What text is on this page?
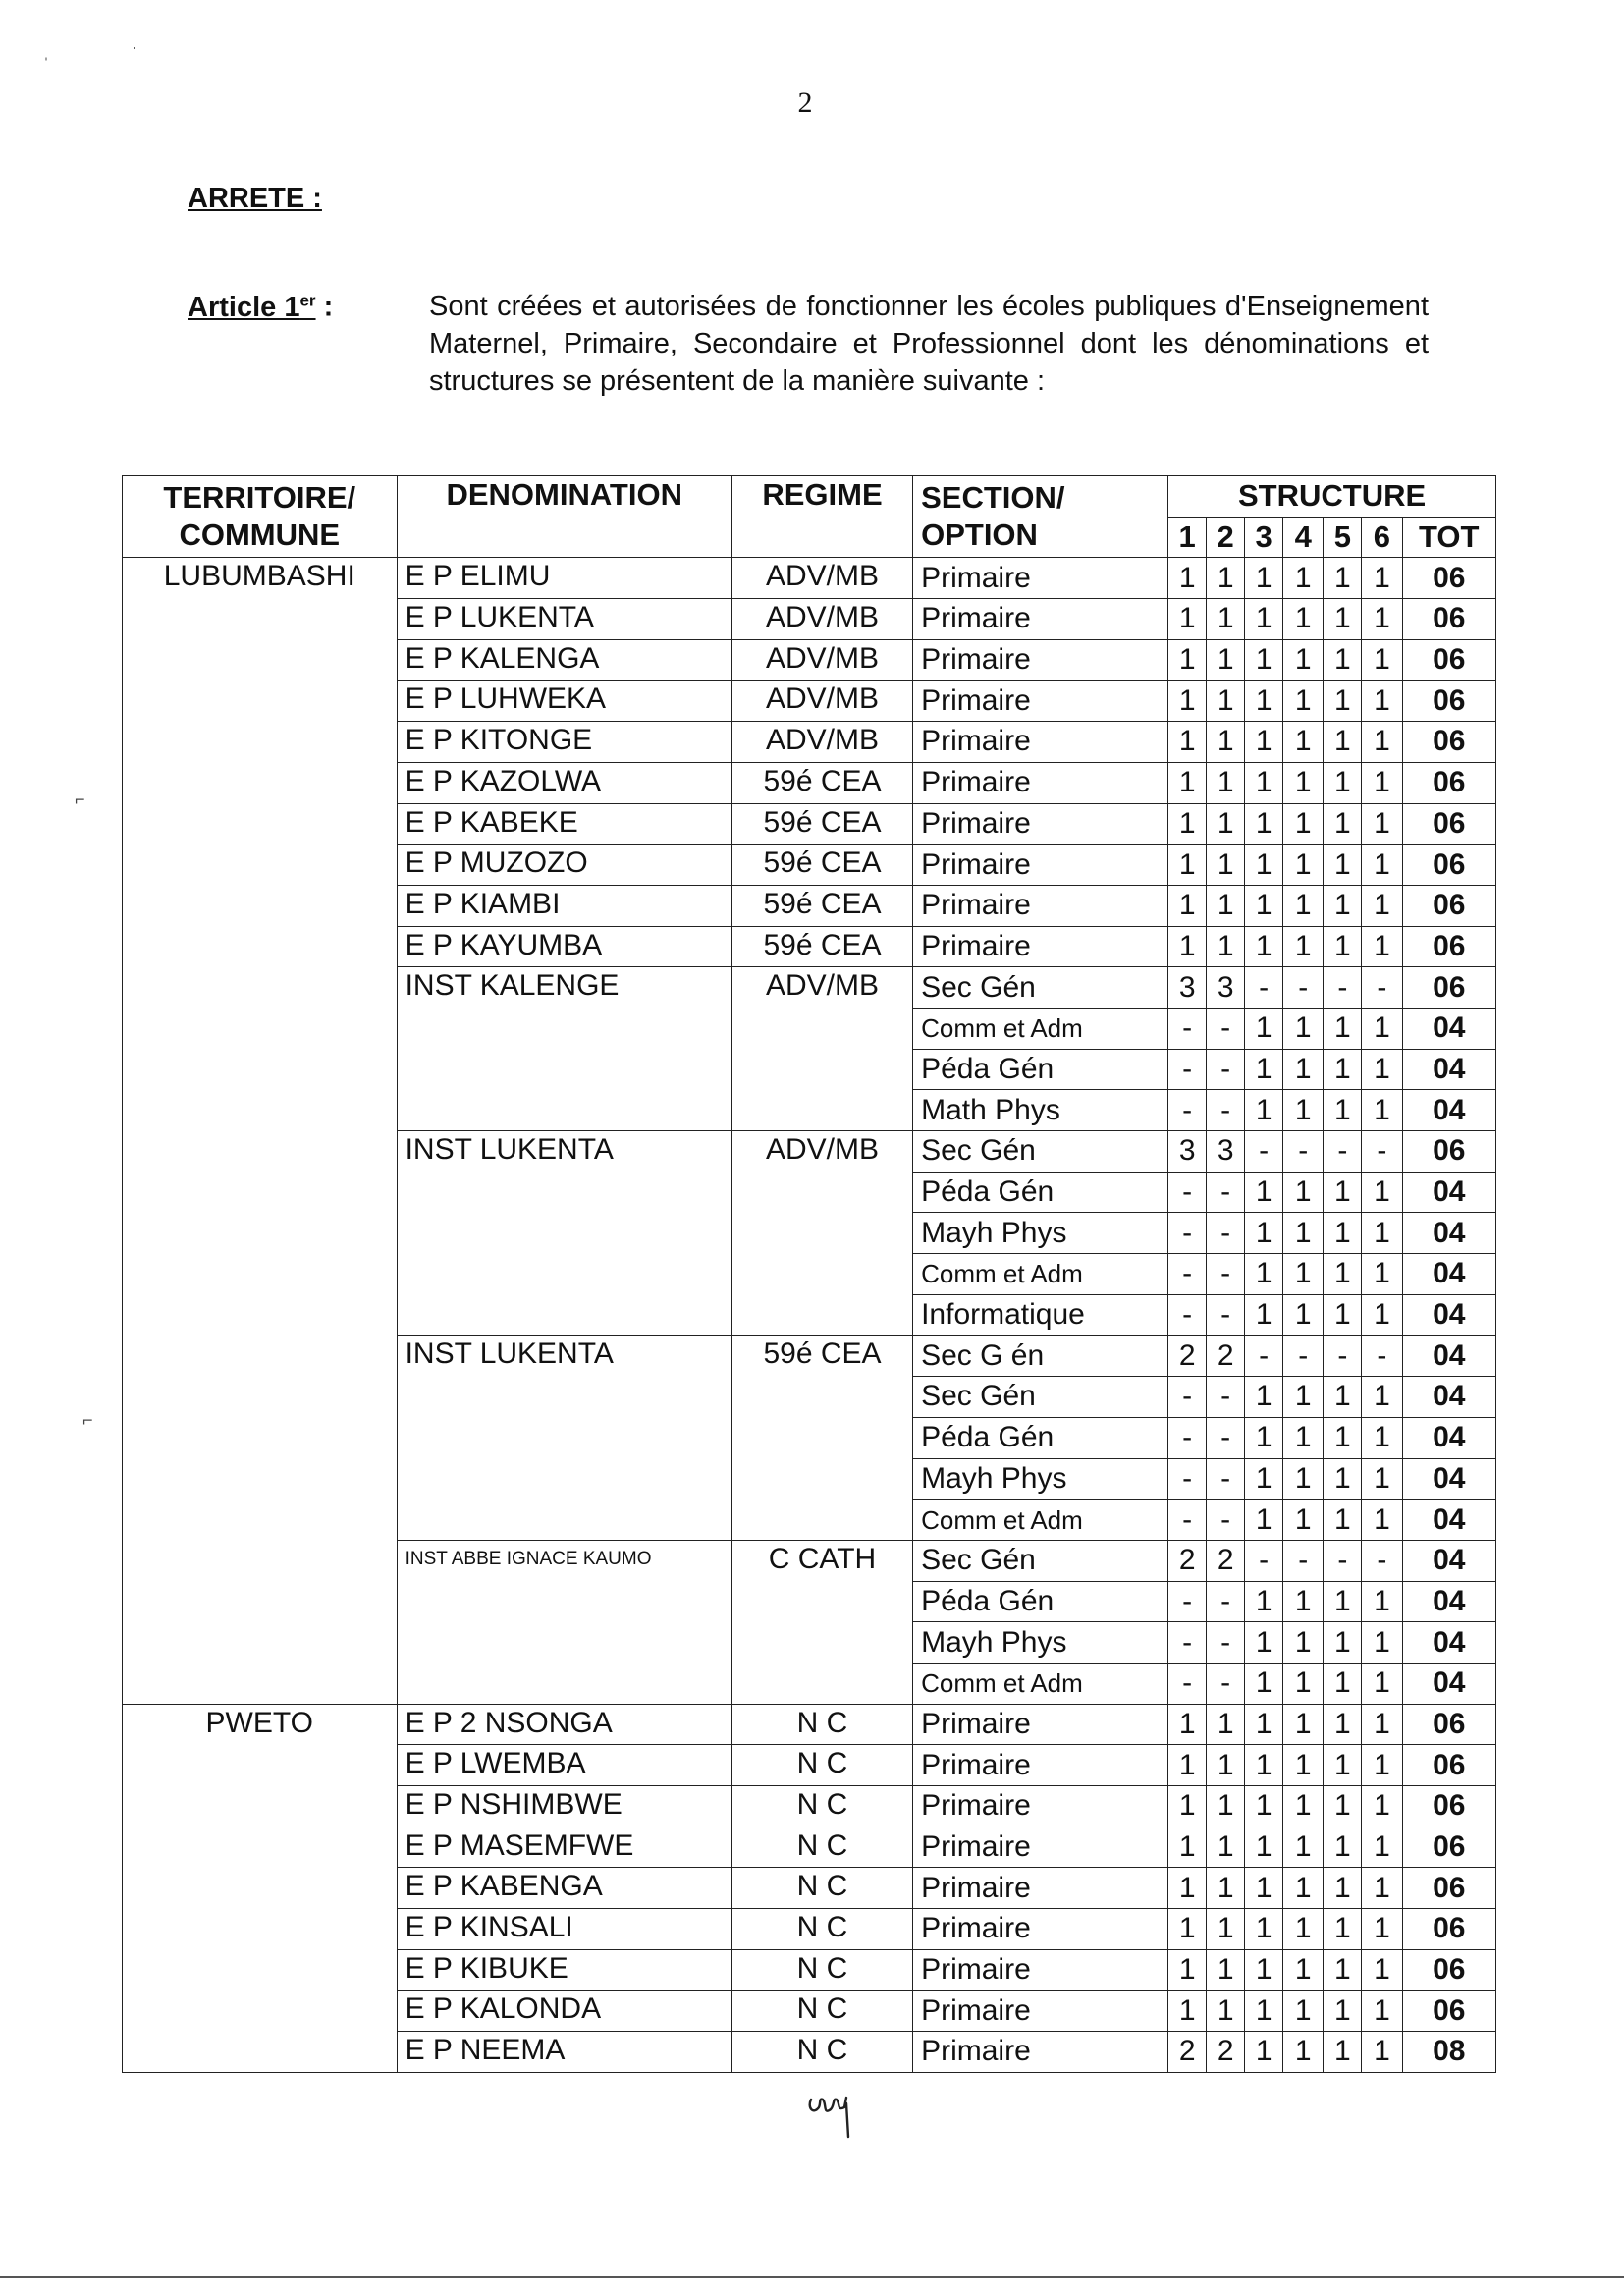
2
ARRETE :
Article 1er :	Sont créées et autorisées de fonctionner les écoles publiques d'Enseignement Maternel, Primaire, Secondaire et Professionnel dont les dénominations et structures se présentent de la manière suivante :
TERRITOIRE/ COMMUNE	DENOMINATION	REGIME	SECTION/ OPTION	STRUCTURE						
				1	2	3	4	5	6	TOT
LUBUMBASHI	E P ELIMU	ADV/MB	Primaire	1	1	1	1	1	1	06
	E P LUKENTA	ADV/MB	Primaire	1	1	1	1	1	1	06
	E P KALENGA	ADV/MB	Primaire	1	1	1	1	1	1	06
	E P LUHWEKA	ADV/MB	Primaire	1	1	1	1	1	1	06
	E P KITONGE	ADV/MB	Primaire	1	1	1	1	1	1	06
	E P KAZOLWA	59é CEA	Primaire	1	1	1	1	1	1	06
	E P KABEKE	59é CEA	Primaire	1	1	1	1	1	1	06
	E P MUZOZO	59é CEA	Primaire	1	1	1	1	1	1	06
	E P KIAMBI	59é CEA	Primaire	1	1	1	1	1	1	06
	E P KAYUMBA	59é CEA	Primaire	1	1	1	1	1	1	06
	INST KALENGE	ADV/MB	Sec Gén	3	3	-	-	-	-	06
			Comm et Adm	-	-	1	1	1	1	04
			Péda Gén	-	-	1	1	1	1	04
			Math Phys	-	-	1	1	1	1	04
	INST LUKENTA	ADV/MB	Sec Gén	3	3	-	-	-	-	06
			Péda Gén	-	-	1	1	1	1	04
			Mayh Phys	-	-	1	1	1	1	04
			Comm et Adm	-	-	1	1	1	1	04
			Informatique	-	-	1	1	1	1	04
	INST LUKENTA	59é CEA	Sec G én	2	2	-	-	-	-	04
			Sec Gén	-	-	1	1	1	1	04
			Péda Gén	-	-	1	1	1	1	04
			Mayh Phys	-	-	1	1	1	1	04
			Comm et Adm	-	-	1	1	1	1	04
	INST ABBE IGNACE KAUMO	C CATH	Sec Gén	2	2	-	-	-	-	04
			Péda Gén	-	-	1	1	1	1	04
			Mayh Phys	-	-	1	1	1	1	04
			Comm et Adm	-	-	1	1	1	1	04
PWETO	E P 2 NSONGA	N C	Primaire	1	1	1	1	1	1	06
	E P LWEMBA	N C	Primaire	1	1	1	1	1	1	06
	E P NSHIMBWE	N C	Primaire	1	1	1	1	1	1	06
	E P MASEMFWE	N C	Primaire	1	1	1	1	1	1	06
	E P KABENGA	N C	Primaire	1	1	1	1	1	1	06
	E P KINSALI	N C	Primaire	1	1	1	1	1	1	06
	E P KIBUKE	N C	Primaire	1	1	1	1	1	1	06
	E P KALONDA	N C	Primaire	1	1	1	1	1	1	06
	E P NEEMA	N C	Primaire	2	2	1	1	1	1	08
ˈ
·
⌐
⌐
